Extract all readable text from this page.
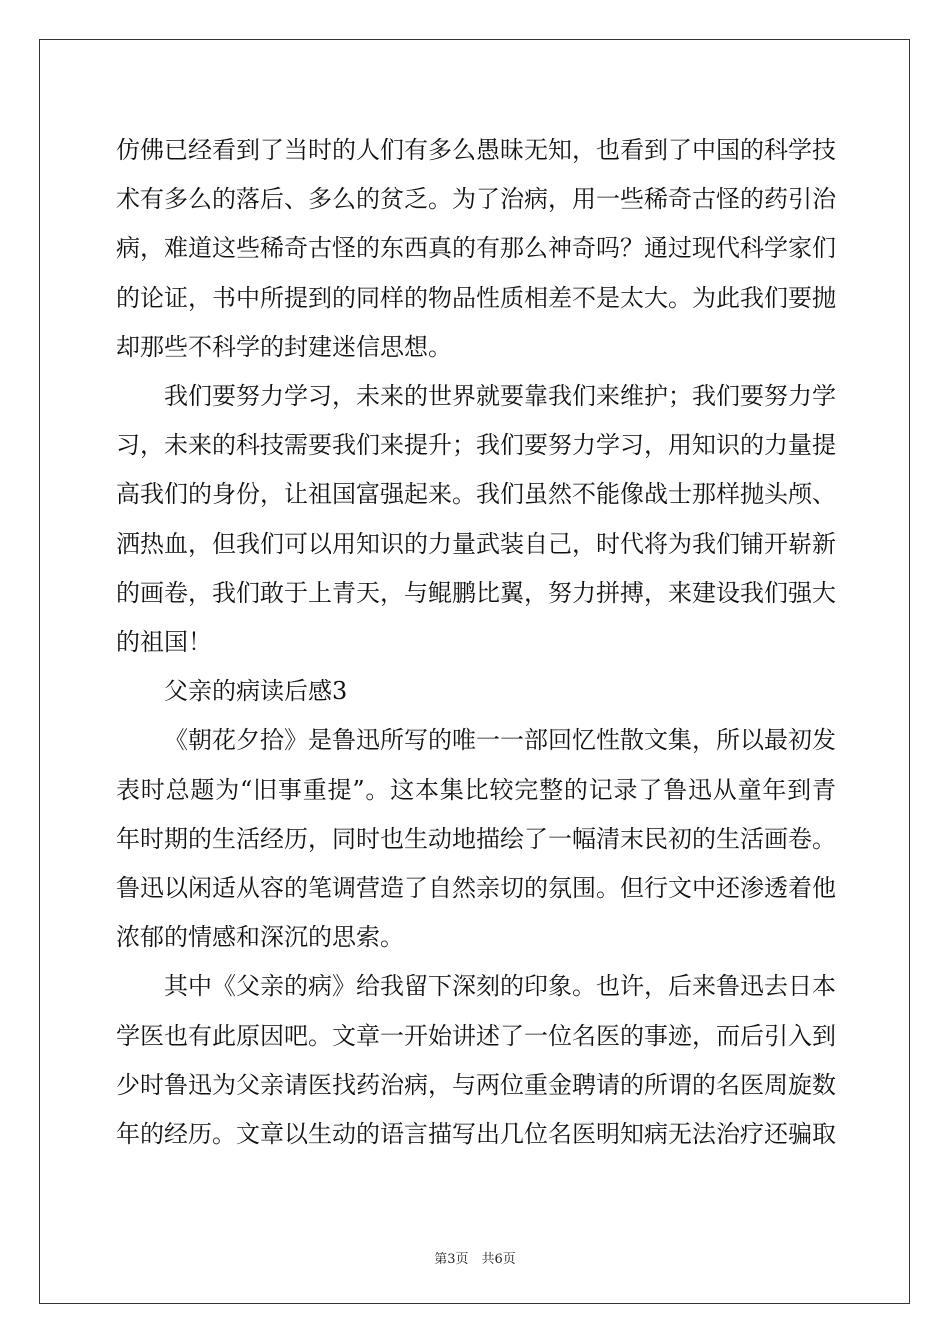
仿佛已经看到了当时的人们有多么愚昧无知，也看到了中国的科学技术有多么的落后、多么的贫乏。为了治病，用一些稀奇古怪的药引治病，难道这些稀奇古怪的东西真的有那么神奇吗？通过现代科学家们的论证，书中所提到的同样的物品性质相差不是太大。为此我们要抛却那些不科学的封建迷信思想。

我们要努力学习，未来的世界就要靠我们来维护；我们要努力学习，未来的科技需要我们来提升；我们要努力学习，用知识的力量提高我们的身份，让祖国富强起来。我们虽然不能像战士那样抛头颅、洒热血，但我们可以用知识的力量武装自己，时代将为我们铺开崭新的画卷，我们敢于上青天，与鲲鹏比翼，努力拼搏，来建设我们强大的祖国！

父亲的病读后感3

《朝花夕拾》是鲁迅所写的唯一一部回忆性散文集，所以最初发表时总题为“旧事重提”。这本集比较完整的记录了鲁迅从童年到青年时期的生活经历，同时也生动地描绘了一幅清末民初的生活画卷。鲁迅以闲适从容的笔调营造了自然亲切的氛围。但行文中还渗透着他浓郁的情感和深沉的思索。

其中《父亲的病》给我留下深刻的印象。也许，后来鲁迅去日本学医也有此原因吧。文章一开始讲述了一位名医的事迹，而后引入到少时鲁迅为父亲请医找药治病，与两位重金聘请的所谓的名医周旋数年的经历。文章以生动的语言描写出几位名医明知病无法治疗还骗取

第3页　共6页
